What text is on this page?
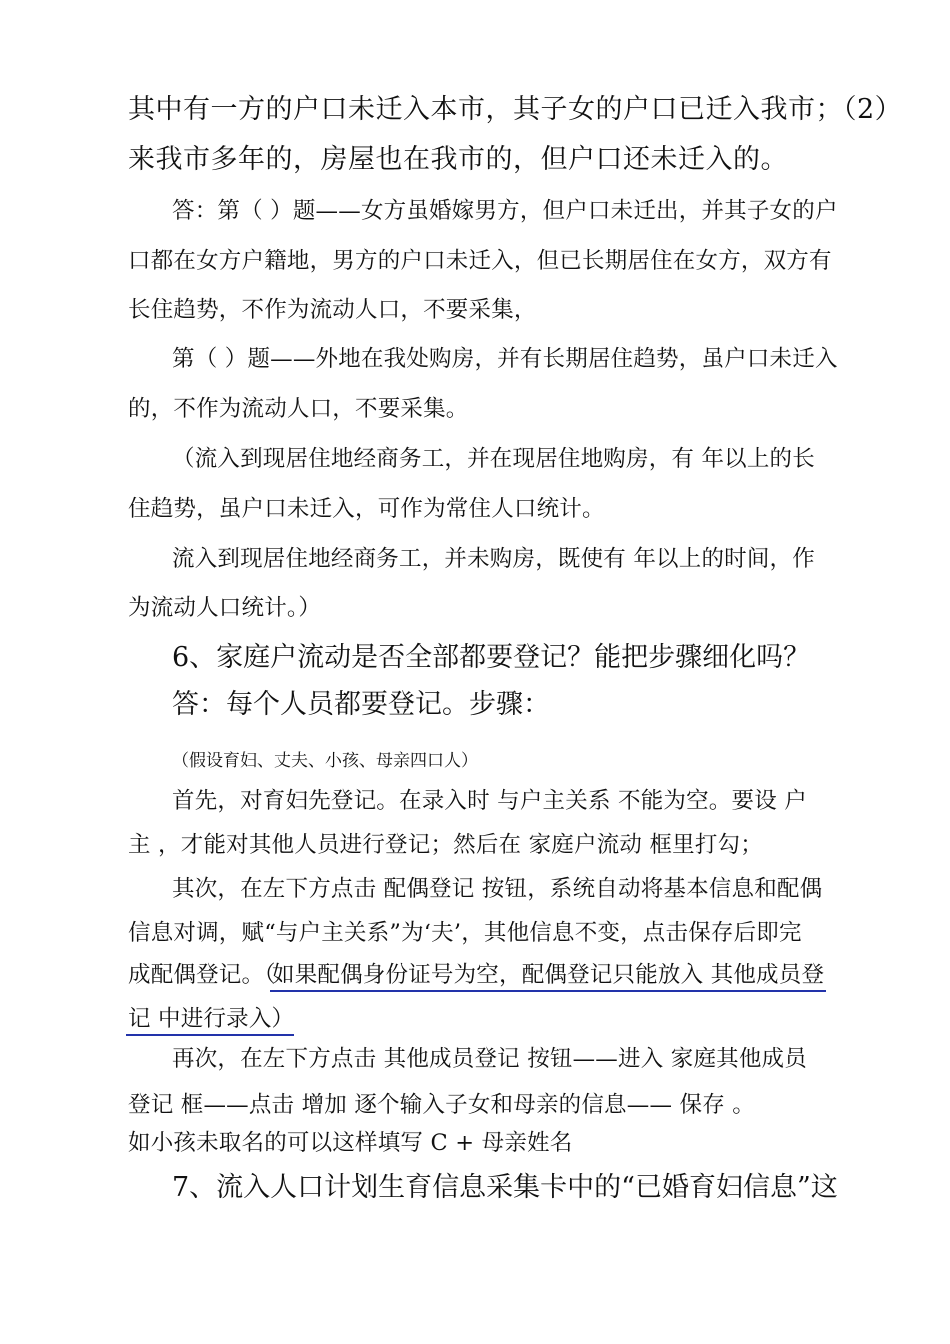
其中有一方的户口未迁入本市，其子女的户口已迁入我市；（2）
来我市多年的，房屋也在我市的，但户口还未迁入的。
答：第（ ）题——女方虽婚嫁男方，但户口未迁出，并其子女的户
口都在女方户籍地，男方的户口未迁入，但已长期居住在女方，双方有
长住趋势，不作为流动人口，不要采集，
第（ ）题——外地在我处购房，并有长期居住趋势，虽户口未迁入
的，不作为流动人口，不要采集。
（流入到现居住地经商务工，并在现居住地购房，有 年以上的长
住趋势，虽户口未迁入，可作为常住人口统计。
流入到现居住地经商务工，并未购房，既使有 年以上的时间，作
为流动人口统计。）
6、家庭户流动是否全部都要登记？能把步骤细化吗？
答：每个人员都要登记。步骤：
（假设育妇、丈夫、小孩、母亲四口人）
首先，对育妇先登记。在录入时 与户主关系 不能为空。要设 户
主 ，才能对其他人员进行登记；然后在 家庭户流动 框里打勾；
其次，在左下方点击 配偶登记 按钮，系统自动将基本信息和配偶
信息对调，赋“与户主关系”为‘夫’，其他信息不变，点击保存后即完
成配偶登记。（
如果配偶身份证号为空，配偶登记只能放入 其他成员登
记 中进行录入）
再次，在左下方点击 其他成员登记 按钮——进入 家庭其他成员
登记 框——点击 增加 逐个输入子女和母亲的信息—— 保存 。
如小孩未取名的可以这样填写 C + 母亲姓名
7、流入人口计划生育信息采集卡中的“已婚育妇信息”这
